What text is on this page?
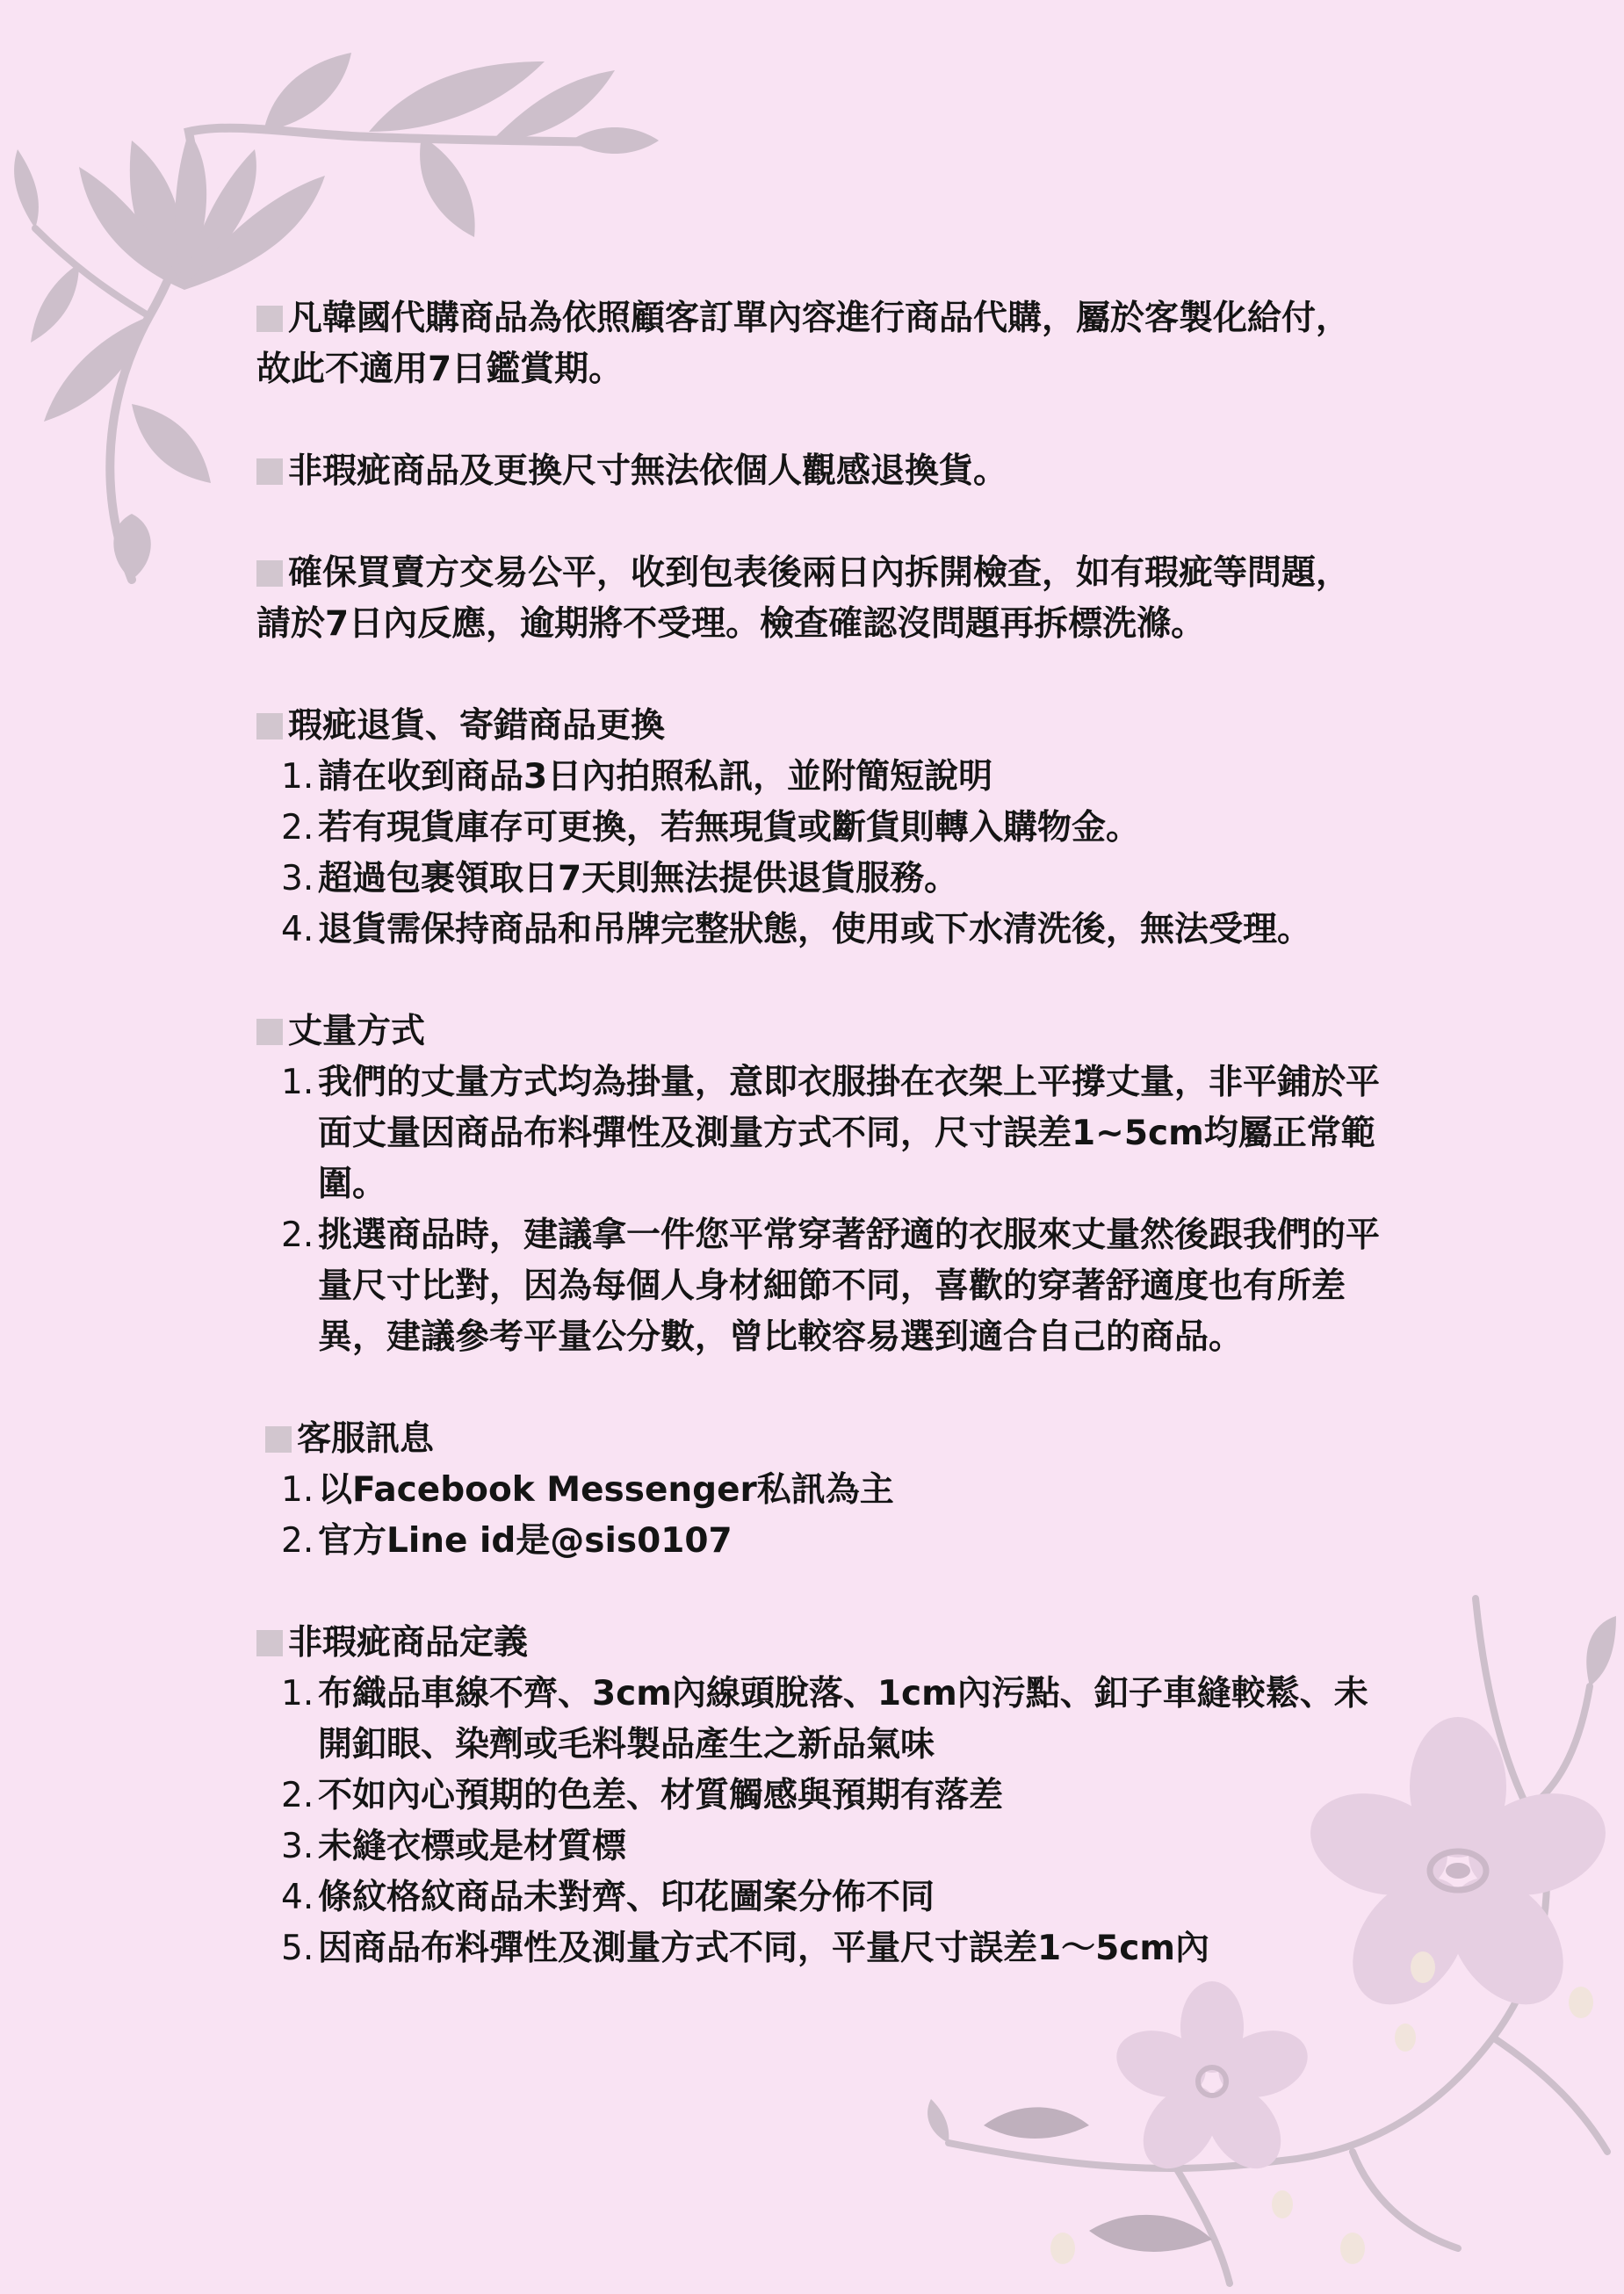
凡韓國代購商品為依照顧客訂單內容進行商品代購，屬於客製化給付，故此不適用7日鑑賞期。

非瑕疵商品及更換尺寸無法依個人觀感退換貨。

確保買賣方交易公平，收到包表後兩日內拆開檢查，如有瑕疵等問題，請於7日內反應，逾期將不受理。檢查確認沒問題再拆標洗滌。

瑕疵退貨、寄錯商品更換

1. 請在收到商品3日內拍照私訊，並附簡短說明
2. 若有現貨庫存可更換，若無現貨或斷貨則轉入購物金。
3. 超過包裹領取日7天則無法提供退貨服務。
4. 退貨需保持商品和吊牌完整狀態，使用或下水清洗後，無法受理。

丈量方式

1. 我們的丈量方式均為掛量，意即衣服掛在衣架上平撐丈量，非平鋪於平面丈量因商品布料彈性及測量方式不同，尺寸誤差1~5cm均屬正常範圍。
2. 挑選商品時，建議拿一件您平常穿著舒適的衣服來丈量然後跟我們的平量尺寸比對，因為每個人身材細節不同，喜歡的穿著舒適度也有所差異，建議參考平量公分數，曾比較容易選到適合自己的商品。

客服訊息

1. 以Facebook Messenger私訊為主
2. 官方Line id是@sis0107

非瑕疵商品定義

1. 布織品車線不齊、3cm內線頭脫落、1cm內污點、釦子車縫較鬆、未開釦眼、染劑或毛料製品產生之新品氣味
2. 不如內心預期的色差、材質觸感與預期有落差
3. 未縫衣標或是材質標
4. 條紋格紋商品未對齊、印花圖案分佈不同
5. 因商品布料彈性及測量方式不同，平量尺寸誤差1～5cm內
